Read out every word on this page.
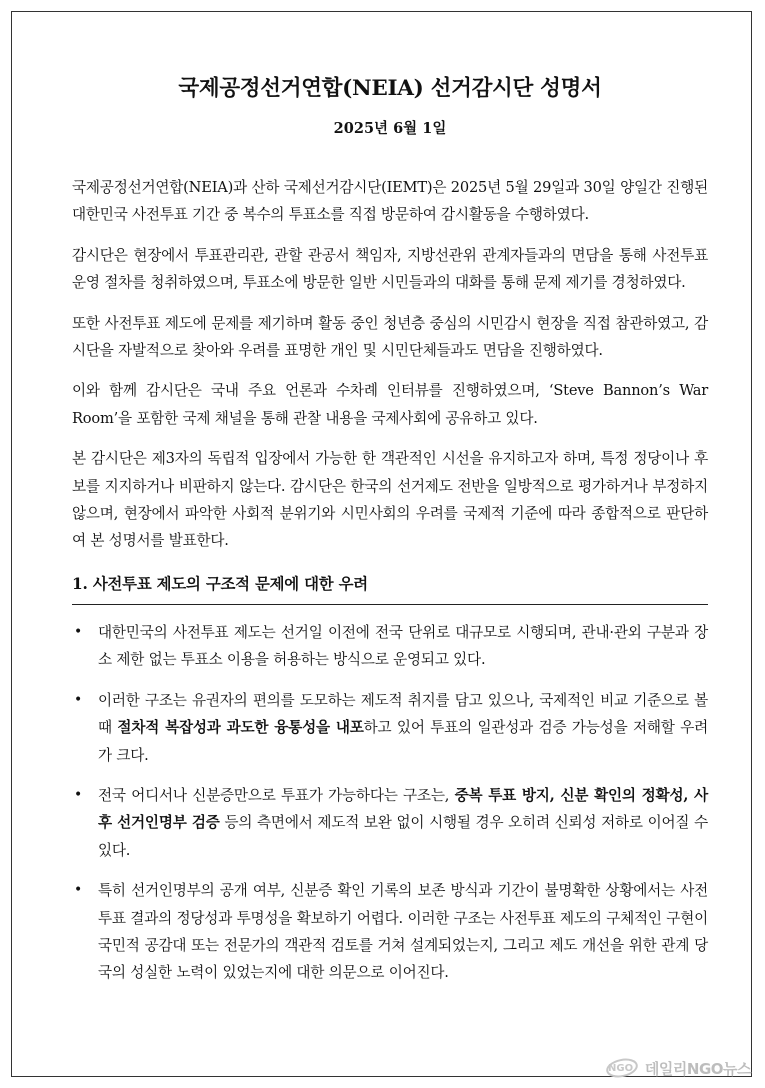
국제공정선거연합(NEIA) 선거감시단 성명서
2025년 6월 1일

국제공정선거연합(NEIA)과 산하 국제선거감시단(IEMT)은 2025년 5월 29일과 30일 양일간 진행된 대한민국 사전투표 기간 중 복수의 투표소를 직접 방문하여 감시활동을 수행하였다.

감시단은 현장에서 투표관리관, 관할 관공서 책임자, 지방선관위 관계자들과의 면담을 통해 사전투표 운영 절차를 청취하였으며, 투표소에 방문한 일반 시민들과의 대화를 통해 문제 제기를 경청하였다.

또한 사전투표 제도에 문제를 제기하며 활동 중인 청년층 중심의 시민감시 현장을 직접 참관하였고, 감시단을 자발적으로 찾아와 우려를 표명한 개인 및 시민단체들과도 면담을 진행하였다.

이와 함께 감시단은 국내 주요 언론과 수차례 인터뷰를 진행하였으며, ‘Steve Bannon’s War Room’을 포함한 국제 채널을 통해 관찰 내용을 국제사회에 공유하고 있다.

본 감시단은 제3자의 독립적 입장에서 가능한 한 객관적인 시선을 유지하고자 하며, 특정 정당이나 후보를 지지하거나 비판하지 않는다. 감시단은 한국의 선거제도 전반을 일방적으로 평가하거나 부정하지 않으며, 현장에서 파악한 사회적 분위기와 시민사회의 우려를 국제적 기준에 따라 종합적으로 판단하여 본 성명서를 발표한다.

1. 사전투표 제도의 구조적 문제에 대한 우려
• 대한민국의 사전투표 제도는 선거일 이전에 전국 단위로 대규모로 시행되며, 관내·관외 구분과 장소 제한 없는 투표소 이용을 허용하는 방식으로 운영되고 있다.
• 이러한 구조는 유권자의 편의를 도모하는 제도적 취지를 담고 있으나, 국제적인 비교 기준으로 볼 때 절차적 복잡성과 과도한 융통성을 내포하고 있어 투표의 일관성과 검증 가능성을 저해할 우려가 크다.
• 전국 어디서나 신분증만으로 투표가 가능하다는 구조는, 중복 투표 방지, 신분 확인의 정확성, 사후 선거인명부 검증 등의 측면에서 제도적 보완 없이 시행될 경우 오히려 신뢰성 저하로 이어질 수 있다.
• 특히 선거인명부의 공개 여부, 신분증 확인 기록의 보존 방식과 기간이 불명확한 상황에서는 사전투표 결과의 정당성과 투명성을 확보하기 어렵다. 이러한 구조는 사전투표 제도의 구체적인 구현이 국민적 공감대 또는 전문가의 객관적 검토를 거쳐 설계되었는지, 그리고 제도 개선을 위한 관계 당국의 성실한 노력이 있었는지에 대한 의문으로 이어진다.
NGO 데일리NGO뉴스
